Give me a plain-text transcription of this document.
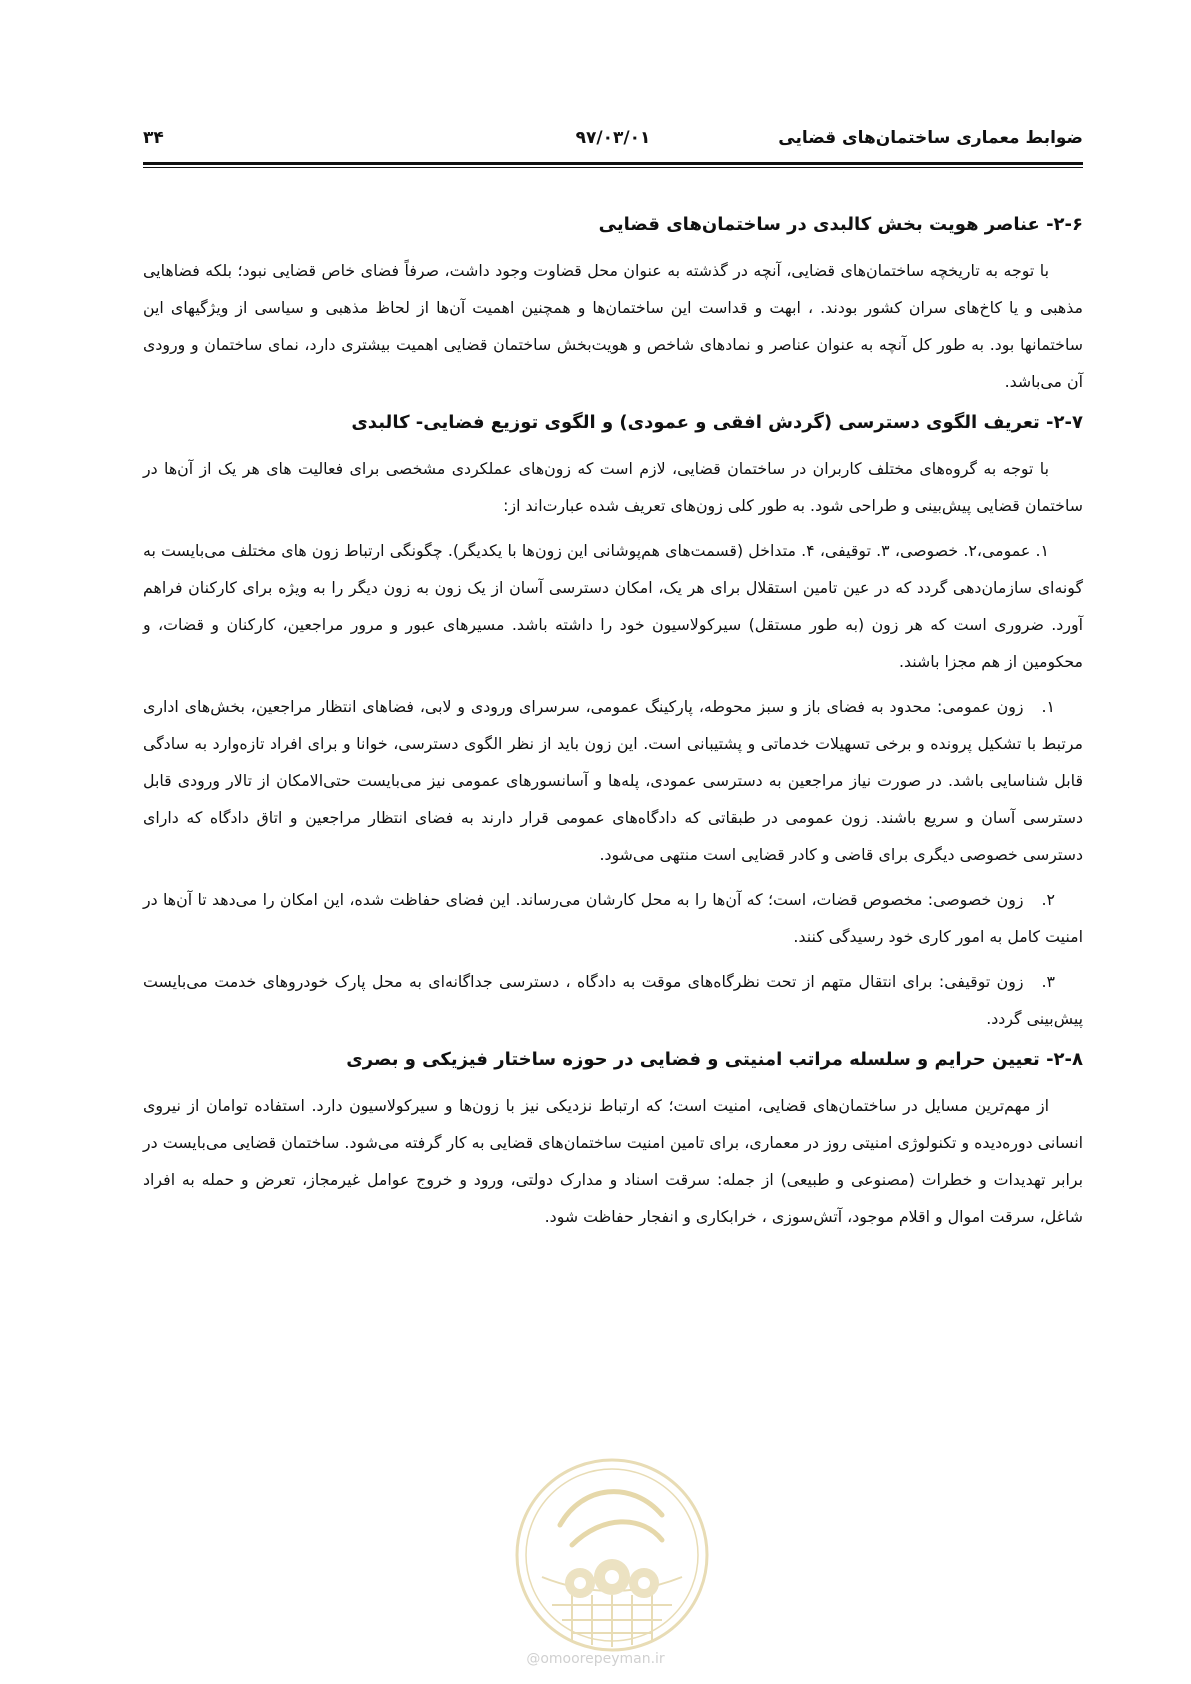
۳۴	۹۷/۰۳/۰۱	ضوابط معماری ساختمان‌های قضایی
۲-۶- عناصر هویت بخش کالبدی در ساختمان‌های قضایی

با توجه به تاریخچه ساختمان‌های قضایی، آنچه در گذشته به عنوان محل قضاوت وجود داشت، صرفاً فضای خاص قضایی نبود؛ بلکه فضاهایی مذهبی و یا کاخ‌های سران کشور بودند. ، ابهت و قداست این ساختمان‌ها و همچنین اهمیت آن‌ها از لحاظ مذهبی و سیاسی از ویژگیهای این ساختمانها بود. به طور کل آنچه به عنوان عناصر و نمادهای شاخص و هویت‌بخش ساختمان قضایی اهمیت بیشتری دارد، نمای ساختمان و ورودی آن می‌باشد.

۲-۷- تعریف الگوی دسترسی (گردش افقی و عمودی) و الگوی توزیع فضایی- کالبدی

با توجه به گروه‌های مختلف کاربران در ساختمان قضایی، لازم است که زون‌های عملکردی مشخصی برای فعالیت های هر یک از آن‌ها در ساختمان قضایی پیش‌بینی و طراحی شود. به طور کلی زون‌های تعریف شده عبارت‌اند از:

۱. عمومی،۲. خصوصی، ۳. توقیفی، ۴. متداخل (قسمت‌های هم‌پوشانی این زون‌ها با یکدیگر). چگونگی ارتباط زون های مختلف می‌بایست به گونه‌ای سازمان‌دهی گردد که در عین تامین استقلال برای هر یک، امکان دسترسی آسان از یک زون به زون دیگر را به ویژه برای کارکنان فراهم آورد. ضروری است که هر زون (به طور مستقل) سیرکولاسیون خود را داشته باشد. مسیرهای عبور و مرور مراجعین، کارکنان و قضات، و محکومین از هم مجزا باشند.

۱.زون عمومی: محدود به فضای باز و سبز محوطه، پارکینگ عمومی، سرسرای ورودی و لابی، فضاهای انتظار مراجعین، بخش‌های اداری مرتبط با تشکیل پرونده و برخی تسهیلات خدماتی و پشتیبانی است. این زون باید از نظر الگوی دسترسی، خوانا و برای افراد تازه‌وارد به سادگی قابل شناسایی باشد. در صورت نیاز مراجعین به دسترسی عمودی، پله‌ها و آسانسورهای عمومی نیز می‌بایست حتی‌الامکان از تالار ورودی قابل دسترسی آسان و سریع باشند. زون عمومی در طبقاتی که دادگاه‌های عمومی قرار دارند به فضای انتظار مراجعین و اتاق دادگاه که دارای دسترسی خصوصی دیگری برای قاضی و کادر قضایی است منتهی می‌شود.

۲.زون خصوصی: مخصوص قضات، است؛ که آن‌ها را به محل کارشان می‌رساند. این فضای حفاظت شده، این امکان را می‌دهد تا آن‌ها در امنیت کامل به امور کاری خود رسیدگی کنند.

۳.زون توقیفی: برای انتقال متهم از تحت نظرگاه‌های موقت به دادگاه ، دسترسی جداگانه‌ای به محل پارک خودروهای خدمت می‌بایست پیش‌بینی گردد.

۲-۸- تعیین حرایم و سلسله مراتب امنیتی و فضایی در حوزه ساختار فیزیکی و بصری

از مهم‌ترین مسایل در ساختمان‌های قضایی، امنیت است؛ که ارتباط نزدیکی نیز با زون‌ها و سیرکولاسیون دارد. استفاده توامان از نیروی انسانی دوره‌دیده و تکنولوژی امنیتی روز در معماری، برای تامین امنیت ساختمان‌های قضایی به کار گرفته می‌شود. ساختمان قضایی می‌بایست در برابر تهدیدات و خطرات (مصنوعی و طبیعی) از جمله: سرقت اسناد و مدارک دولتی، ورود و خروج عوامل غیرمجاز، تعرض و حمله به افراد شاغل، سرقت اموال و اقلام موجود، آتش‌سوزی ، خرابکاری و انفجار حفاظت شود.

@omoorepeyman.ir
